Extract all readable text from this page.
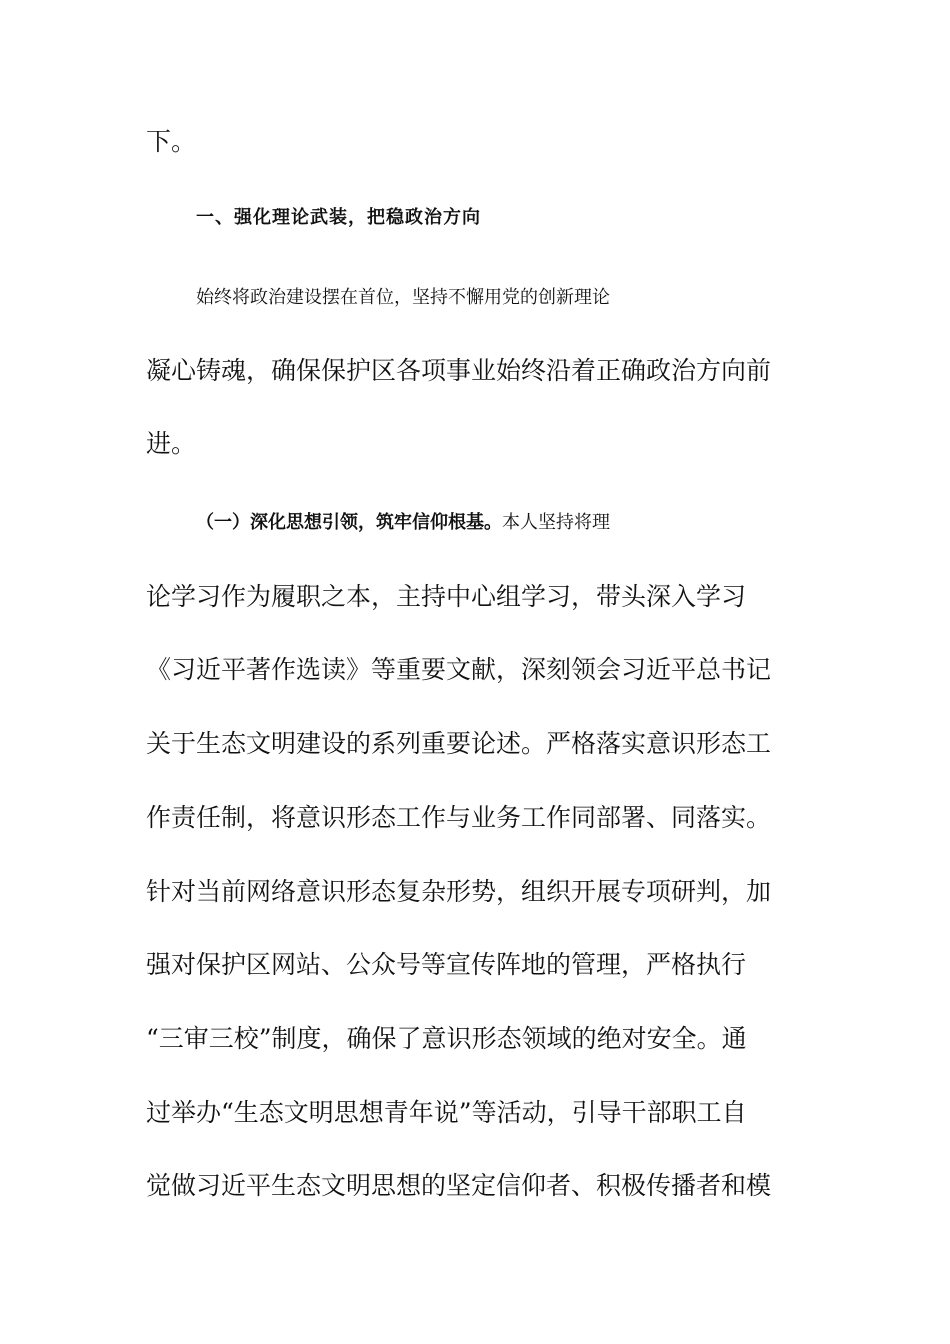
下。
一、强化理论武装，把稳政治方向
始终将政治建设摆在首位，坚持不懈用党的创新理论
凝心铸魂，确保保护区各项事业始终沿着正确政治方向前
进。
（一）深化思想引领，筑牢信仰根基。本人坚持将理
论学习作为履职之本，主持中心组学习，带头深入学习
《习近平著作选读》等重要文献，深刻领会习近平总书记
关于生态文明建设的系列重要论述。严格落实意识形态工
作责任制，将意识形态工作与业务工作同部署、同落实。
针对当前网络意识形态复杂形势，组织开展专项研判，加
强对保护区网站、公众号等宣传阵地的管理，严格执行
“三审三校”制度，确保了意识形态领域的绝对安全。通
过举办“生态文明思想青年说”等活动，引导干部职工自
觉做习近平生态文明思想的坚定信仰者、积极传播者和模
